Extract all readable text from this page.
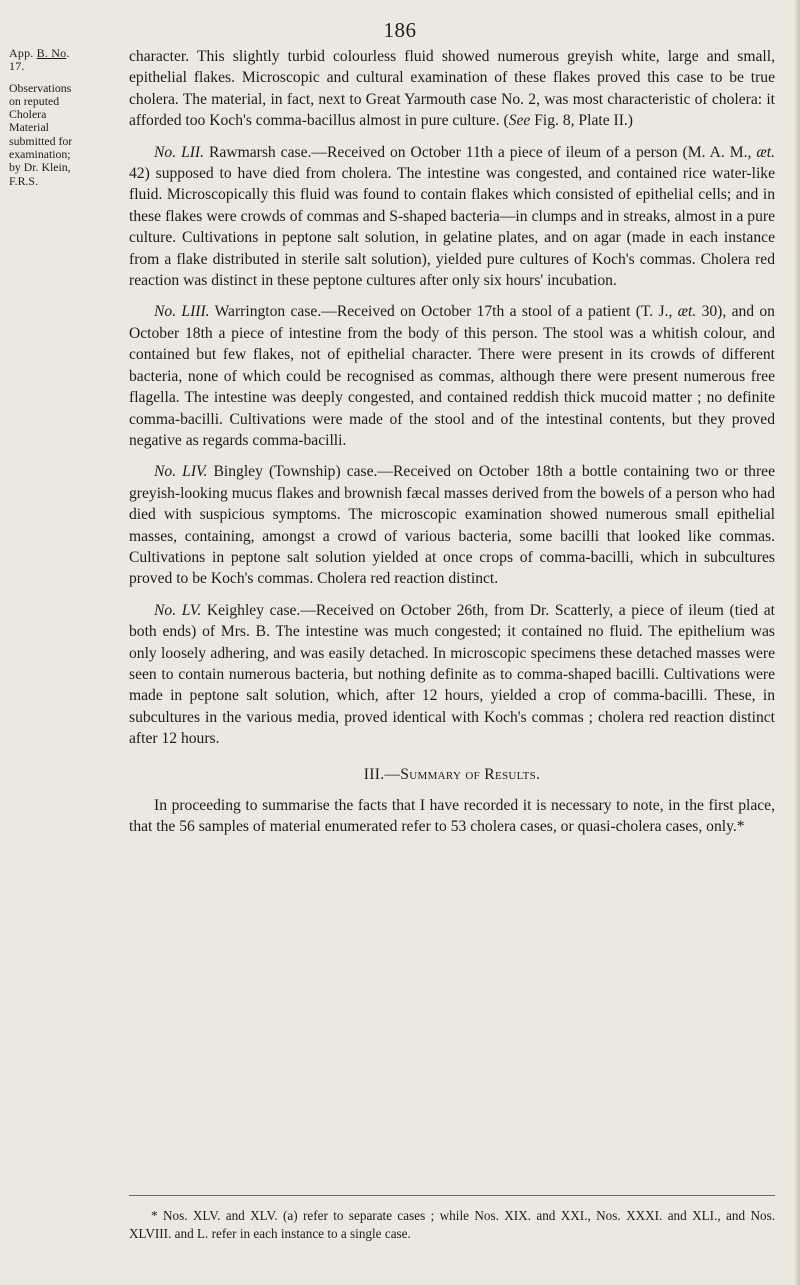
186
App. B. No. 17.
Observations on reputed Cholera Material submitted for examination; by Dr. Klein, F.R.S.

character. This slightly turbid colourless fluid showed numerous greyish white, large and small, epithelial flakes. Microscopic and cultural examination of these flakes proved this case to be true cholera. The material, in fact, next to Great Yarmouth case No. 2, was most characteristic of cholera: it afforded too Koch's comma-bacillus almost in pure culture. (See Fig. 8, Plate II.)

No. LII. Rawmarsh case.—Received on October 11th a piece of ileum of a person (M. A. M., æt. 42) supposed to have died from cholera. The intestine was congested, and contained rice water-like fluid. Microscopically this fluid was found to contain flakes which consisted of epithelial cells; and in these flakes were crowds of commas and S-shaped bacteria—in clumps and in streaks, almost in a pure culture. Cultivations in peptone salt solution, in gelatine plates, and on agar (made in each instance from a flake distributed in sterile salt solution), yielded pure cultures of Koch's commas. Cholera red reaction was distinct in these peptone cultures after only six hours' incubation.

No. LIII. Warrington case.—Received on October 17th a stool of a patient (T. J., æt. 30), and on October 18th a piece of intestine from the body of this person. The stool was a whitish colour, and contained but few flakes, not of epithelial character. There were present in its crowds of different bacteria, none of which could be recognised as commas, although there were present numerous free flagella. The intestine was deeply congested, and contained reddish thick mucoid matter ; no definite comma-bacilli. Cultivations were made of the stool and of the intestinal contents, but they proved negative as regards comma-bacilli.

No. LIV. Bingley (Township) case.—Received on October 18th a bottle containing two or three greyish-looking mucus flakes and brownish fæcal masses derived from the bowels of a person who had died with suspicious symptoms. The microscopic examination showed numerous small epithelial masses, containing, amongst a crowd of various bacteria, some bacilli that looked like commas. Cultivations in peptone salt solution yielded at once crops of comma-bacilli, which in subcultures proved to be Koch's commas. Cholera red reaction distinct.

No. LV. Keighley case.—Received on October 26th, from Dr. Scatterly, a piece of ileum (tied at both ends) of Mrs. B. The intestine was much congested; it contained no fluid. The epithelium was only loosely adhering, and was easily detached. In microscopic specimens these detached masses were seen to contain numerous bacteria, but nothing definite as to comma-shaped bacilli. Cultivations were made in peptone salt solution, which, after 12 hours, yielded a crop of comma-bacilli. These, in subcultures in the various media, proved identical with Koch's commas ; cholera red reaction distinct after 12 hours.

III.—Summary of Results.

In proceeding to summarise the facts that I have recorded it is necessary to note, in the first place, that the 56 samples of material enumerated refer to 53 cholera cases, or quasi-cholera cases, only.*

* Nos. XLV. and XLV. (a) refer to separate cases ; while Nos. XIX. and XXI., Nos. XXXI. and XLI., and Nos. XLVIII. and L. refer in each instance to a single case.
